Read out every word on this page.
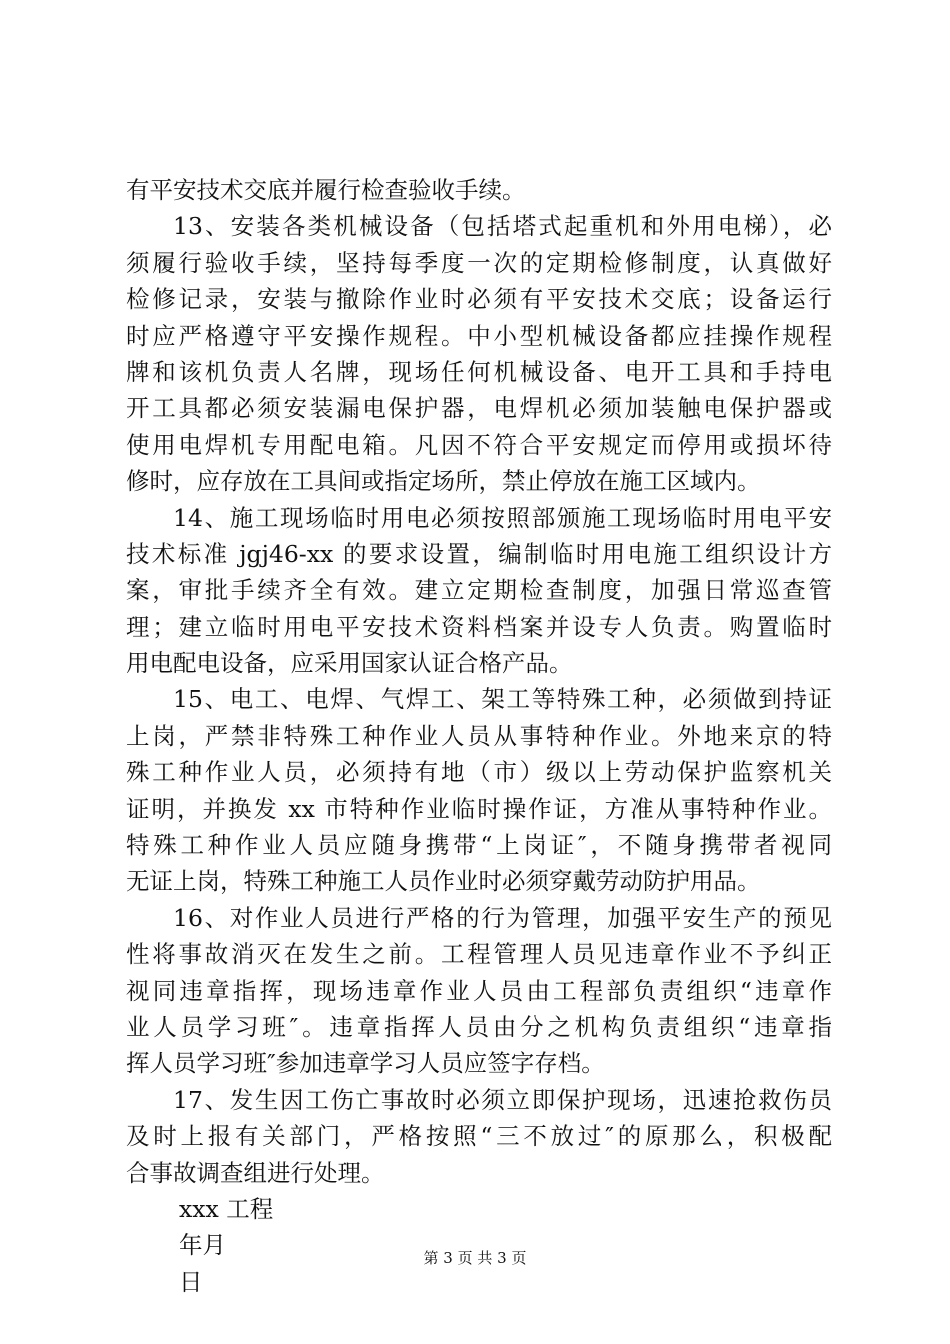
有平安技术交底并履行检查验收手续。
13、安装各类机械设备（包括塔式起重机和外用电梯），必
须履行验收手续，坚持每季度一次的定期检修制度，认真做好
检修记录，安装与撤除作业时必须有平安技术交底；设备运行
时应严格遵守平安操作规程。中小型机械设备都应挂操作规程
牌和该机负责人名牌，现场任何机械设备、电开工具和手持电
开工具都必须安装漏电保护器，电焊机必须加装触电保护器或
使用电焊机专用配电箱。凡因不符合平安规定而停用或损坏待
修时，应存放在工具间或指定场所，禁止停放在施工区域内。
14、施工现场临时用电必须按照部颁施工现场临时用电平安
技术标准 jgj46-xx 的要求设置，编制临时用电施工组织设计方
案，审批手续齐全有效。建立定期检查制度，加强日常巡查管
理；建立临时用电平安技术资料档案并设专人负责。购置临时
用电配电设备，应采用国家认证合格产品。
15、电工、电焊、气焊工、架工等特殊工种，必须做到持证
上岗，严禁非特殊工种作业人员从事特种作业。外地来京的特
殊工种作业人员，必须持有地（市）级以上劳动保护监察机关
证明，并换发 xx 市特种作业临时操作证，方准从事特种作业。
特殊工种作业人员应随身携带“上岗证″，不随身携带者视同
无证上岗，特殊工种施工人员作业时必须穿戴劳动防护用品。
16、对作业人员进行严格的行为管理，加强平安生产的预见
性将事故消灭在发生之前。工程管理人员见违章作业不予纠正
视同违章指挥，现场违章作业人员由工程部负责组织“违章作
业人员学习班″。违章指挥人员由分之机构负责组织“违章指
挥人员学习班″参加违章学习人员应签字存档。
17、发生因工伤亡事故时必须立即保护现场，迅速抢救伤员
及时上报有关部门，严格按照“三不放过″的原那么，积极配
合事故调查组进行处理。
xxx 工程
年月
日
第 3 页 共 3 页
